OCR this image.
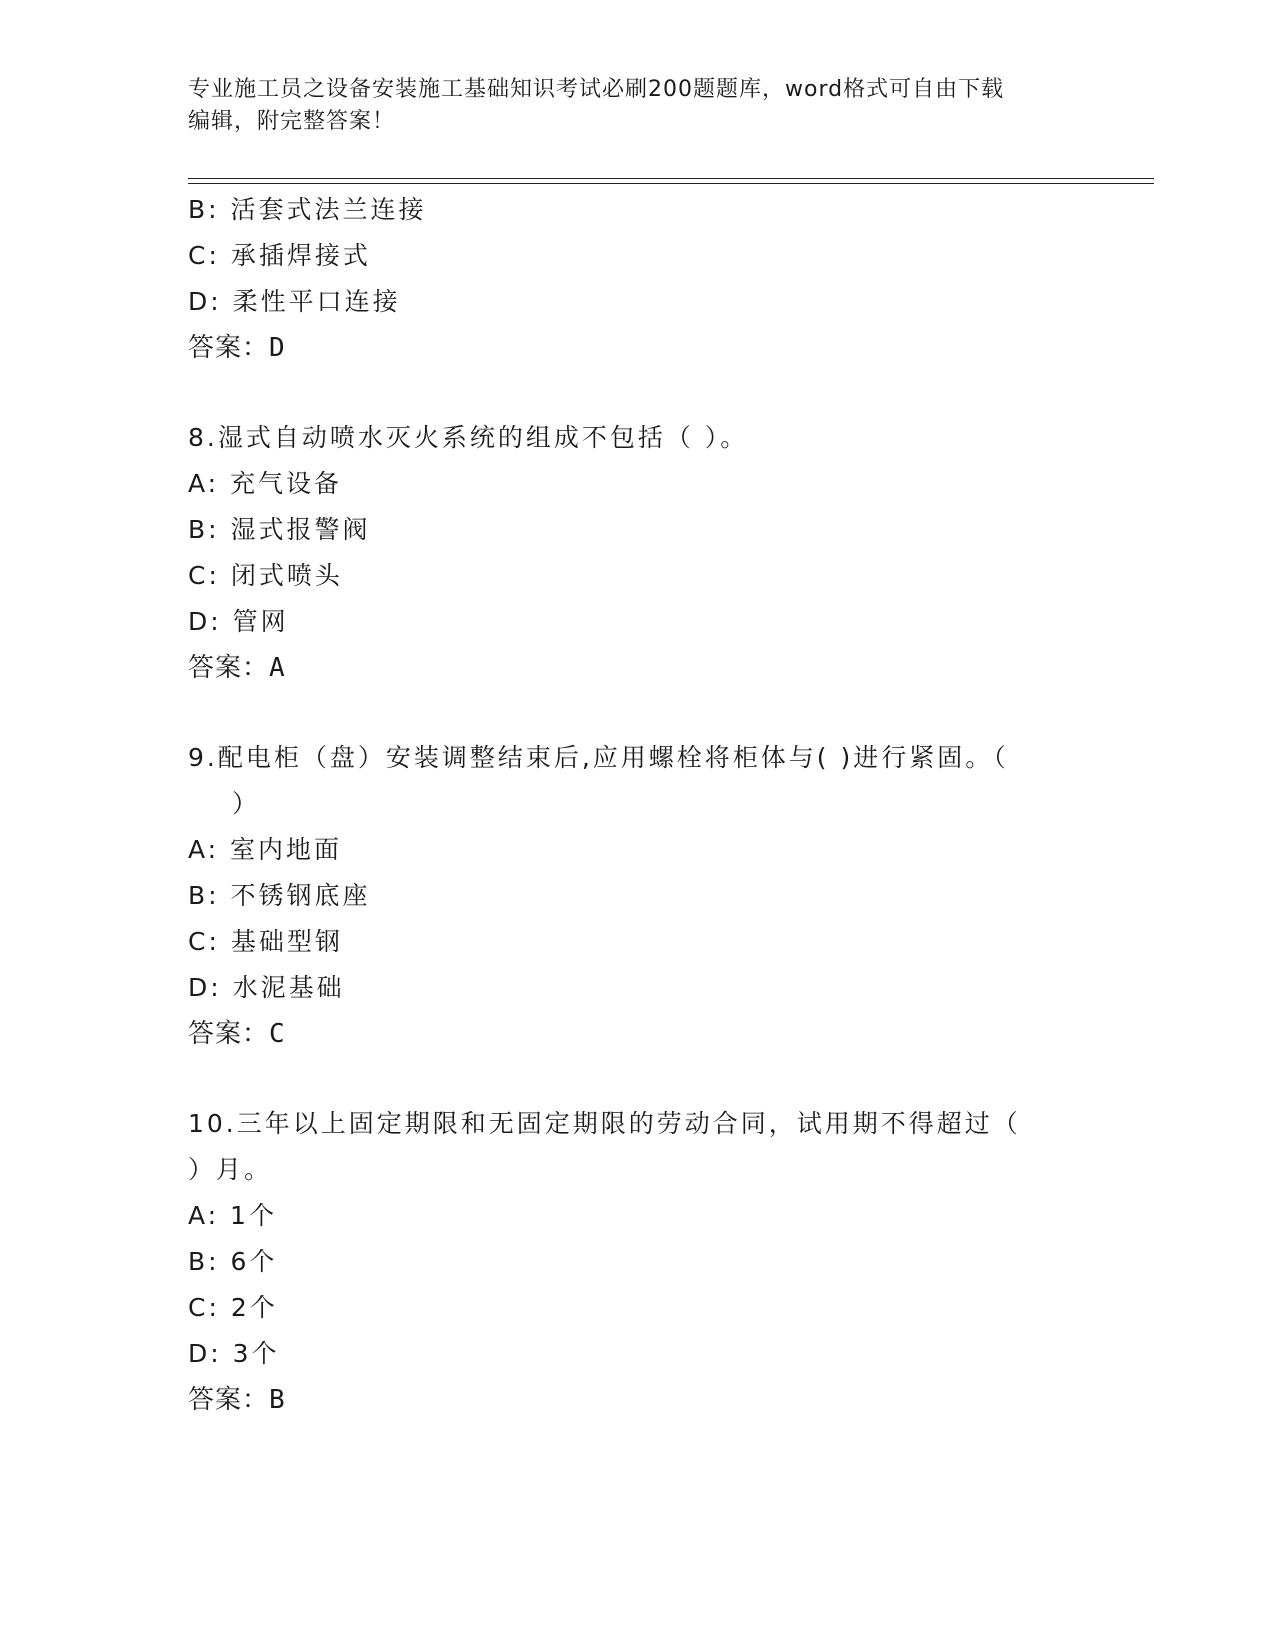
专业施工员之设备安装施工基础知识考试必刷200题题库，word格式可自由下载
编辑，附完整答案！
B: 活套式法兰连接
C: 承插焊接式
D: 柔性平口连接
答案：D
8.湿式自动喷水灭火系统的组成不包括（ ）。
A: 充气设备
B: 湿式报警阀
C: 闭式喷头
D: 管网
答案：A
9.配电柜（盘）安装调整结束后,应用螺栓将柜体与( )进行紧固。（
）
A: 室内地面
B: 不锈钢底座
C: 基础型钢
D: 水泥基础
答案：C
10.三年以上固定期限和无固定期限的劳动合同，试用期不得超过（
）月。
A: 1个
B: 6个
C: 2个
D: 3个
答案：B
